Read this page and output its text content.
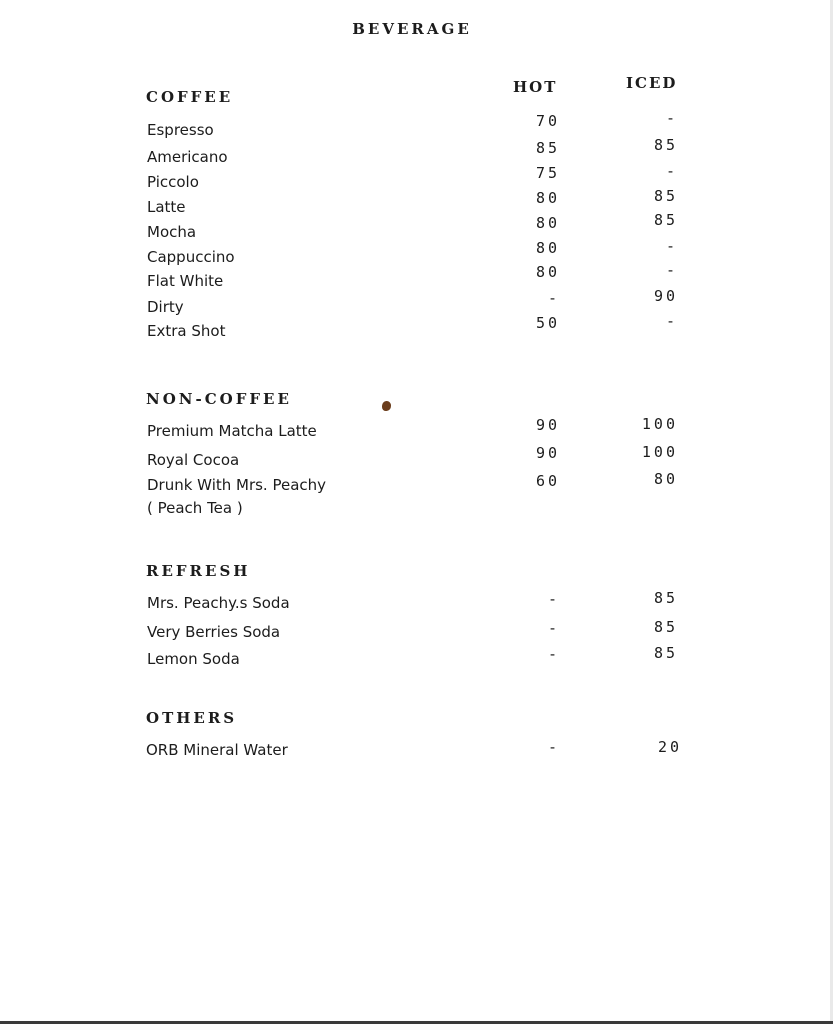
BEVERAGE
HOT	ICED
COFFEE
Espresso	70	-
Americano	85	85
Piccolo	75	-
Latte	80	85
Mocha	80	85
Cappuccino	80	-
Flat White	80	-
Dirty	-	90
Extra Shot	50	-
NON-COFFEE
Premium Matcha Latte	90	100
Royal Cocoa	90	100
Drunk With Mrs. Peachy
( Peach Tea )
60	80
REFRESH
Mrs. Peachy.s Soda	-	85
Very Berries Soda	-	85
Lemon Soda	-	85
OTHERS
ORB Mineral Water	-	20
